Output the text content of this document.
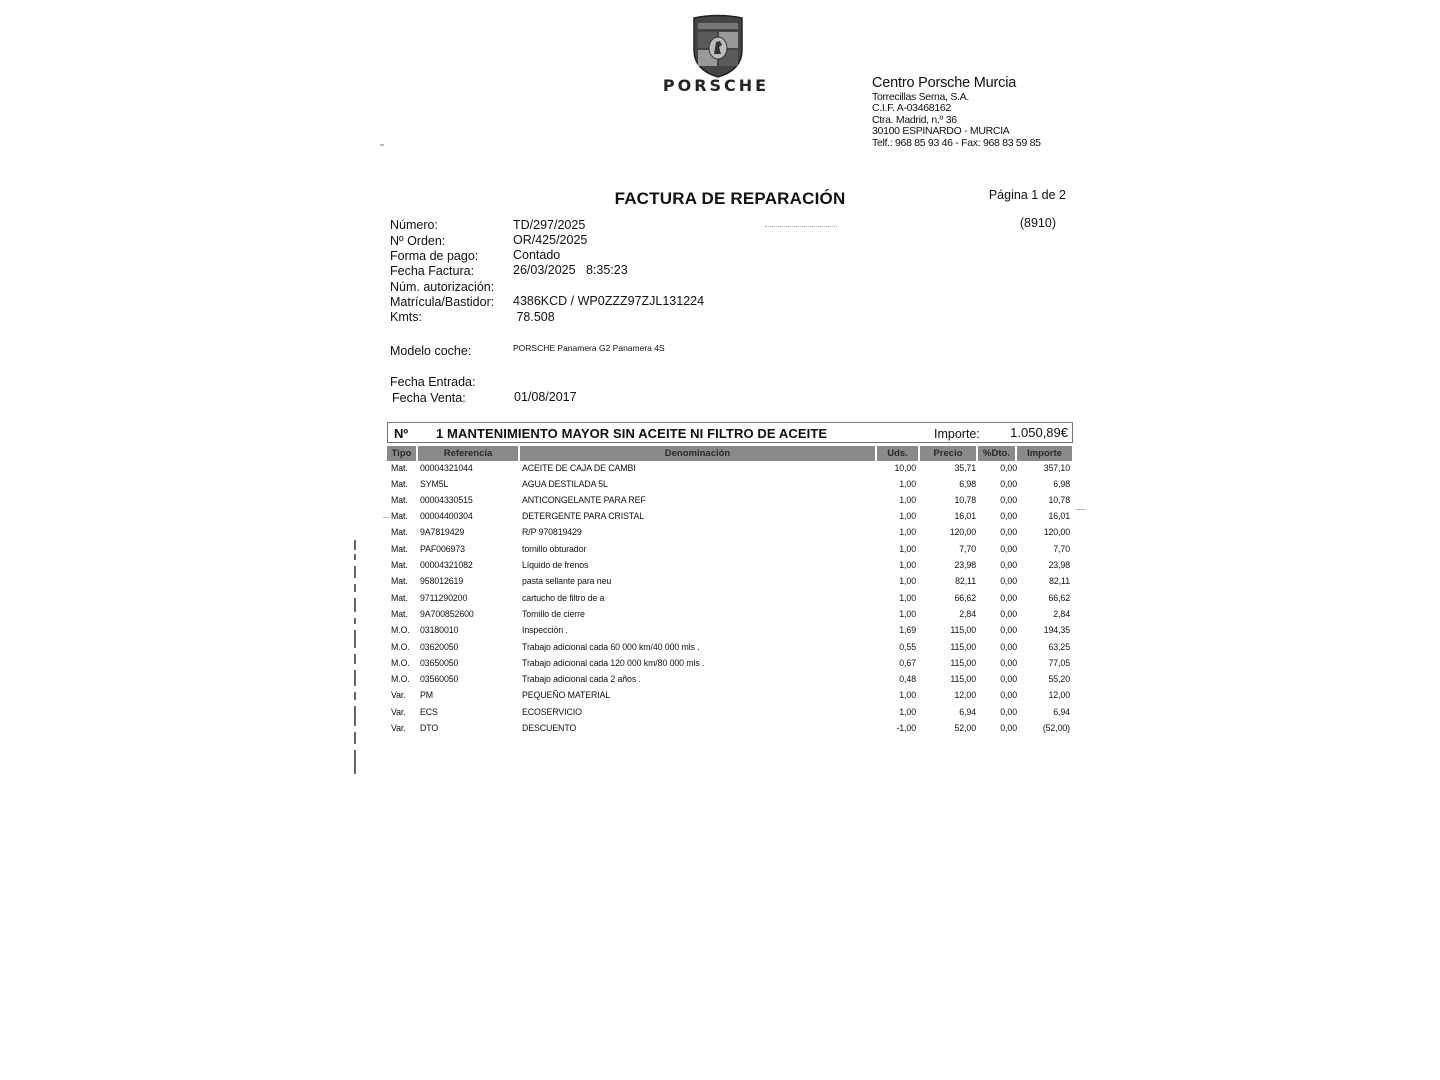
PORSCHE	Centro Porsche Murcia
Torrecillas Serna, S.A.
C.I.F. A-03468162
Ctra. Madrid, n.º 36
30100 ESPINARDO - MURCIA
Telf.: 968 85 93 46 - Fax: 968 83 59 85
FACTURA DE REPARACIÓN	Página 1 de 2
(8910)
Número:	TD/297/2025
Nº Orden:	OR/425/2025
Forma de pago:	Contado
Fecha Factura:	26/03/2025   8:35:23
Núm. autorización:
Matrícula/Bastidor: 4386KCD / WP0ZZZ97ZJL131224
Kmts:	78.508
Modelo coche:	PORSCHE Panamera G2 Panamera 4S
Fecha Entrada:
Fecha Venta:	01/08/2017
Nº 1 MANTENIMIENTO MAYOR SIN ACEITE NI FILTRO DE ACEITE	Importe:	1.050,89€
Tipo	Referencia	Denominación	Uds.	Precio	%Dto.	Importe
Mat. 00004321044	ACEITE DE CAJA DE CAMBI	10,00	35,71	0,00	357,10
Mat. SYM5L	AGUA DESTILADA 5L	1,00	6,98	0,00	6,98
Mat. 00004330515	ANTICONGELANTE PARA REF	1,00	10,78	0,00	10,78
Mat. 00004400304	DETERGENTE PARA CRISTAL	1,00	16,01	0,00	16,01
Mat. 9A7819429	R/P 970819429	1,00	120,00	0,00	120,00
Mat. PAF006973	tornillo obturador	1,00	7,70	0,00	7,70
Mat. 00004321082	Líquido de frenos	1,00	23,98	0,00	23,98
Mat. 958012619	pasta sellante para neu	1,00	82,11	0,00	82,11
Mat. 9711290200	cartucho de filtro de a	1,00	66,62	0,00	66,62
Mat. 9A700852600	Tornillo de cierre	1,00	2,84	0,00	2,84
M.O. 03180010	Inspección .	1,69	115,00	0,00	194,35
M.O. 03620050	Trabajo adicional cada 60 000 km/40 000 mls .	0,55	115,00	0,00	63,25
M.O. 03650050	Trabajo adicional cada 120 000 km/80 000 mls .	0,67	115,00	0,00	77,05
M.O. 03560050	Trabajo adicional cada 2 años .	0,48	115,00	0,00	55,20
Var. PM	PEQUEÑO MATERIAL	1,00	12,00	0,00	12,00
Var. ECS	ECOSERVICIO	1,00	6,94	0,00	6,94
Var. DTO	DESCUENTO	-1,00	52,00	0,00	(52,00)
